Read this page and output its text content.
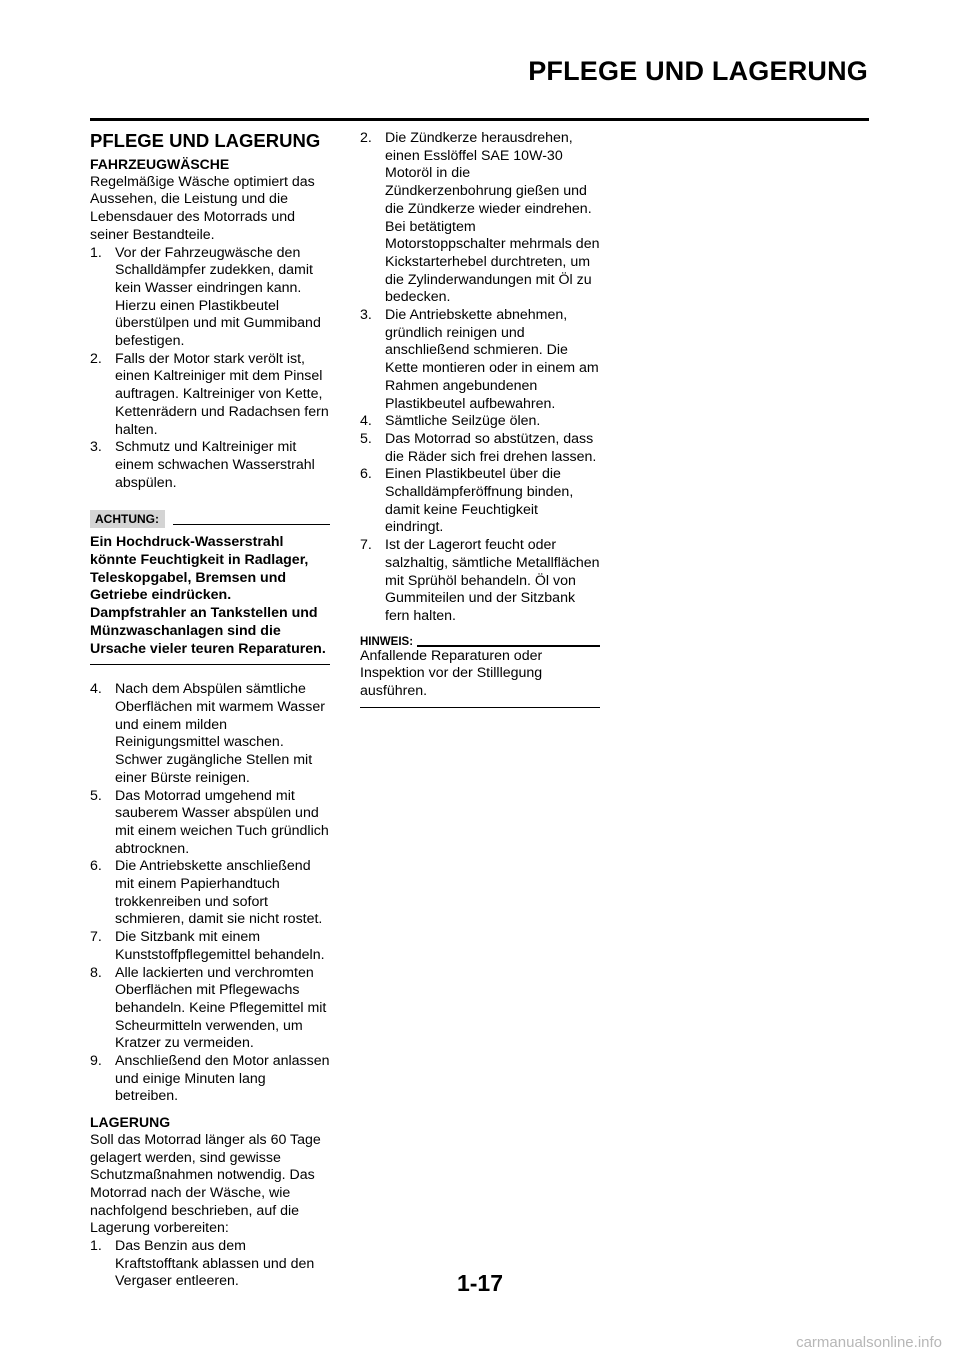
PFLEGE UND LAGERUNG
PFLEGE UND LAGERUNG
FAHRZEUGWÄSCHE

Regelmäßige Wäsche optimiert das Aussehen, die Leistung und die Lebensdauer des Motorrads und seiner Bestandteile.

1. Vor der Fahrzeugwäsche den Schalldämpfer zudekken, damit kein Wasser eindringen kann. Hierzu einen Plastikbeutel überstülpen und mit Gummiband befestigen.
2. Falls der Motor stark verölt ist, einen Kaltreiniger mit dem Pinsel auftragen. Kaltreiniger von Kette, Kettenrädern und Radachsen fern halten.
3. Schmutz und Kaltreiniger mit einem schwachen Wasserstrahl abspülen.
ACHTUNG:
Ein Hochdruck-Wasserstrahl könnte Feuchtigkeit in Radlager, Teleskopgabel, Bremsen und Getriebe eindrücken. Dampfstrahler an Tankstellen und Münzwaschanlagen sind die Ursache vieler teuren Reparaturen.
4. Nach dem Abspülen sämtliche Oberflächen mit warmem Wasser und einem milden Reinigungsmittel waschen. Schwer zugängliche Stellen mit einer Bürste reinigen.
5. Das Motorrad umgehend mit sauberem Wasser abspülen und mit einem weichen Tuch gründlich abtrocknen.
6. Die Antriebskette anschließend mit einem Papierhandtuch trokkenreiben und sofort schmieren, damit sie nicht rostet.
7. Die Sitzbank mit einem Kunststoffpflegemittel behandeln.
8. Alle lackierten und verchromten Oberflächen mit Pflegewachs behandeln. Keine Pflegemittel mit Scheurmitteln verwenden, um Kratzer zu vermeiden.
9. Anschließend den Motor anlassen und einige Minuten lang betreiben.
LAGERUNG

Soll das Motorrad länger als 60 Tage gelagert werden, sind gewisse Schutzmaßnahmen notwendig. Das Motorrad nach der Wäsche, wie nachfolgend beschrieben, auf die Lagerung vorbereiten:

1. Das Benzin aus dem Kraftstofftank ablassen und den Vergaser entleeren.
2. Die Zündkerze herausdrehen, einen Esslöffel SAE 10W-30 Motoröl in die Zündkerzenbohrung gießen und die Zündkerze wieder eindrehen. Bei betätigtem Motorstoppschalter mehrmals den Kickstarterhebel durchtreten, um die Zylinderwandungen mit Öl zu bedecken.
3. Die Antriebskette abnehmen, gründlich reinigen und anschließend schmieren. Die Kette montieren oder in einem am Rahmen angebundenen Plastikbeutel aufbewahren.
4. Sämtliche Seilzüge ölen.
5. Das Motorrad so abstützen, dass die Räder sich frei drehen lassen.
6. Einen Plastikbeutel über die Schalldämpferöffnung binden, damit keine Feuchtigkeit eindringt.
7. Ist der Lagerort feucht oder salzhaltig, sämtliche Metallflächen mit Sprühöl behandeln. Öl von Gummiteilen und der Sitzbank fern halten.
HINWEIS:
Anfallende Reparaturen oder Inspektion vor der Stilllegung ausführen.
1-17
carmanualsonline.info
